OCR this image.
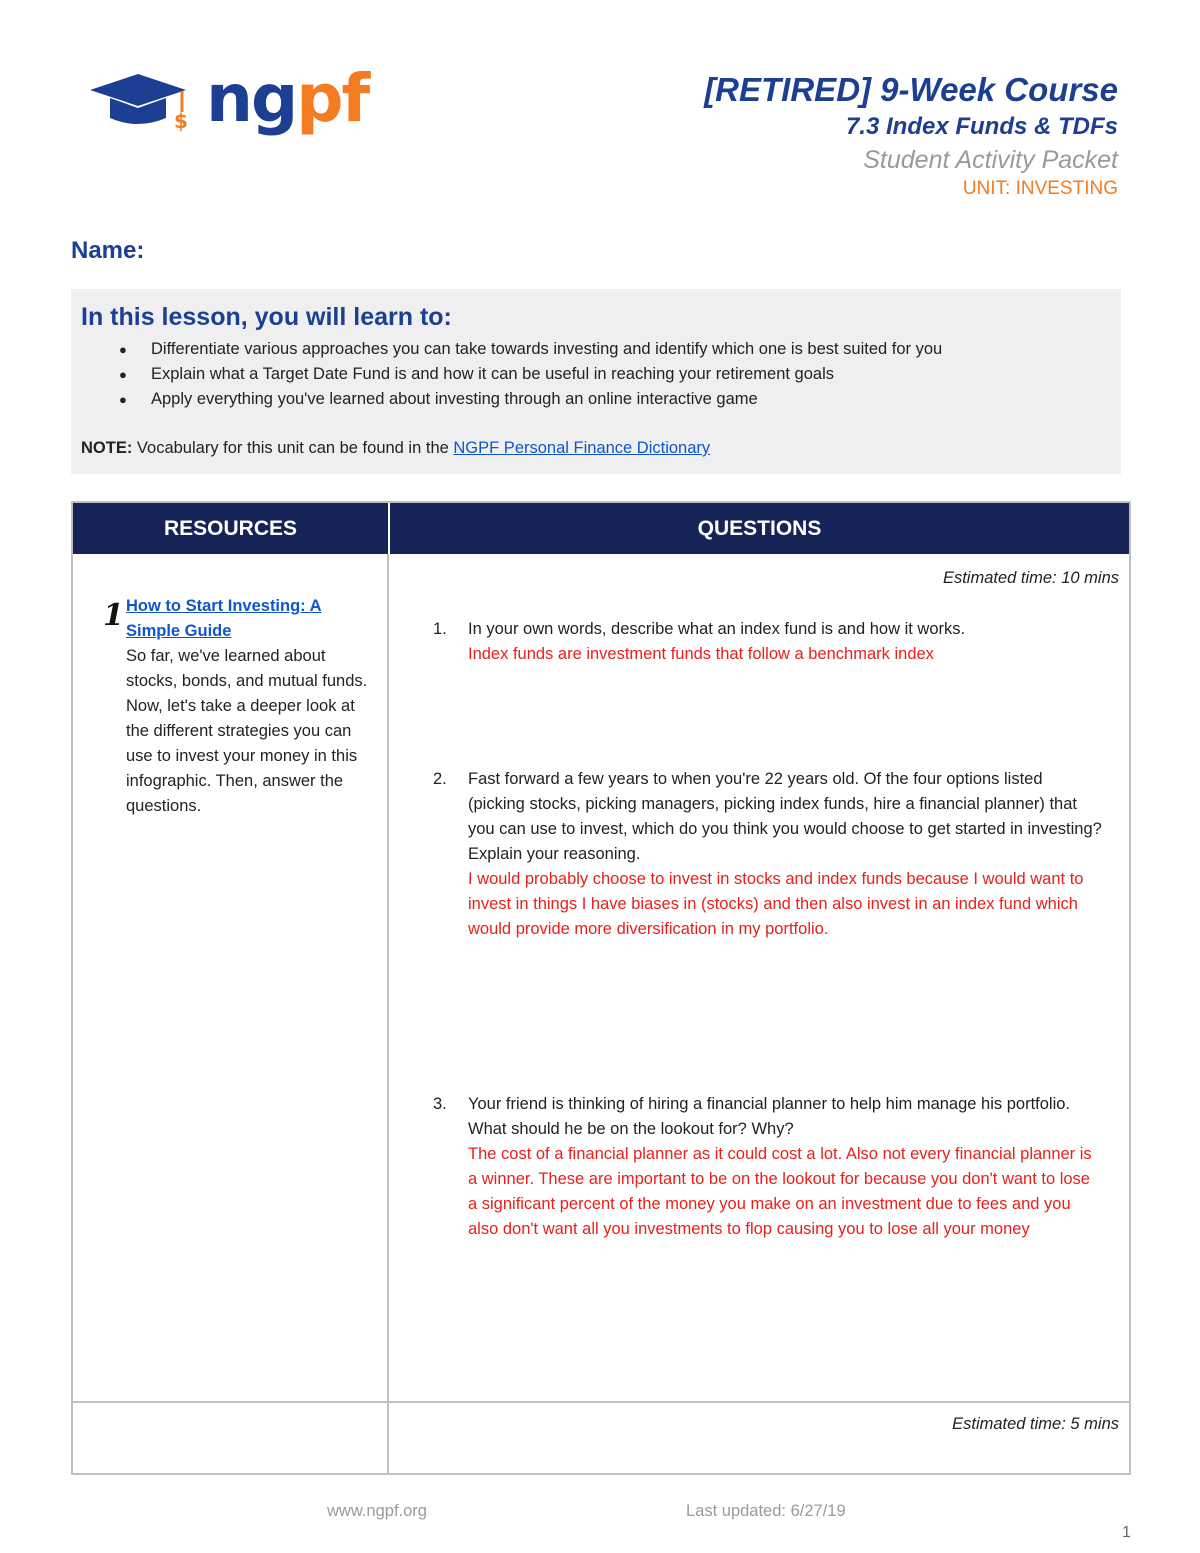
$ ngpf	[RETIRED] 9-Week Course
7.3 Index Funds & TDFs
Student Activity Packet
UNIT: INVESTING
Name:
In this lesson, you will learn to:
● Differentiate various approaches you can take towards investing and identify which one is best suited for you
● Explain what a Target Date Fund is and how it can be useful in reaching your retirement goals
● Apply everything you've learned about investing through an online interactive game
NOTE: Vocabulary for this unit can be found in the NGPF Personal Finance Dictionary
RESOURCES	QUESTIONS
1 How to Start Investing: A Simple Guide
So far, we've learned about stocks, bonds, and mutual funds. Now, let's take a deeper look at the different strategies you can use to invest your money in this infographic. Then, answer the questions.
Estimated time: 10 mins
1. In your own words, describe what an index fund is and how it works.
Index funds are investment funds that follow a benchmark index
2. Fast forward a few years to when you're 22 years old. Of the four options listed (picking stocks, picking managers, picking index funds, hire a financial planner) that you can use to invest, which do you think you would choose to get started in investing? Explain your reasoning.
I would probably choose to invest in stocks and index funds because I would want to invest in things I have biases in (stocks) and then also invest in an index fund which would provide more diversification in my portfolio.
3. Your friend is thinking of hiring a financial planner to help him manage his portfolio. What should he be on the lookout for? Why?
The cost of a financial planner as it could cost a lot. Also not every financial planner is a winner. These are important to be on the lookout for because you don't want to lose a significant percent of the money you make on an investment due to fees and you also don't want all you investments to flop causing you to lose all your money
Estimated time: 5 mins
www.ngpf.org	Last updated: 6/27/19
1
